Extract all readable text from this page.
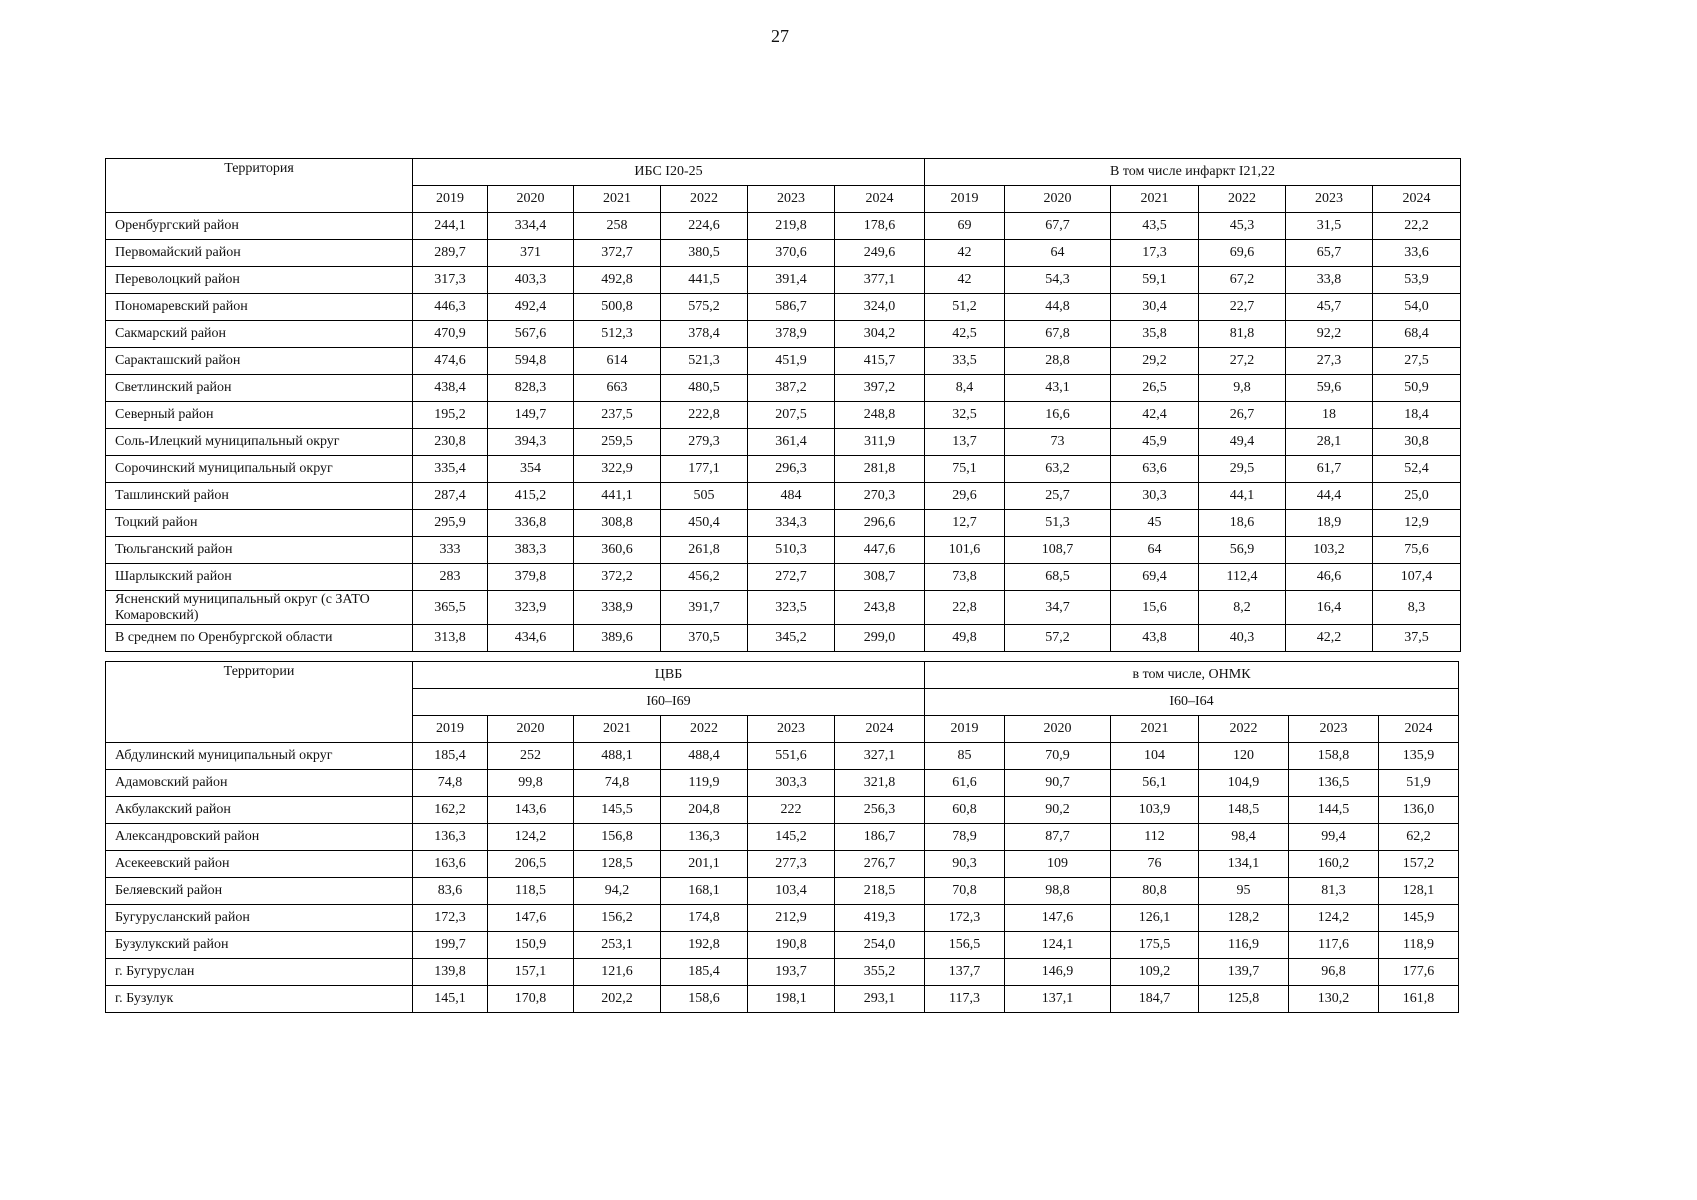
27
Территория	ИБС I20-25						В том числе инфаркт I21,22					
	2019	2020	2021	2022	2023	2024	2019	2020	2021	2022	2023	2024
Оренбургский район	244,1	334,4	258	224,6	219,8	178,6	69	67,7	43,5	45,3	31,5	22,2
Первомайский район	289,7	371	372,7	380,5	370,6	249,6	42	64	17,3	69,6	65,7	33,6
Переволоцкий район	317,3	403,3	492,8	441,5	391,4	377,1	42	54,3	59,1	67,2	33,8	53,9
Пономаревский район	446,3	492,4	500,8	575,2	586,7	324,0	51,2	44,8	30,4	22,7	45,7	54,0
Сакмарский район	470,9	567,6	512,3	378,4	378,9	304,2	42,5	67,8	35,8	81,8	92,2	68,4
Саракташский район	474,6	594,8	614	521,3	451,9	415,7	33,5	28,8	29,2	27,2	27,3	27,5
Светлинский район	438,4	828,3	663	480,5	387,2	397,2	8,4	43,1	26,5	9,8	59,6	50,9
Северный район	195,2	149,7	237,5	222,8	207,5	248,8	32,5	16,6	42,4	26,7	18	18,4
Соль-Илецкий муниципальный округ	230,8	394,3	259,5	279,3	361,4	311,9	13,7	73	45,9	49,4	28,1	30,8
Сорочинский муниципальный округ	335,4	354	322,9	177,1	296,3	281,8	75,1	63,2	63,6	29,5	61,7	52,4
Ташлинский район	287,4	415,2	441,1	505	484	270,3	29,6	25,7	30,3	44,1	44,4	25,0
Тоцкий район	295,9	336,8	308,8	450,4	334,3	296,6	12,7	51,3	45	18,6	18,9	12,9
Тюльганский район	333	383,3	360,6	261,8	510,3	447,6	101,6	108,7	64	56,9	103,2	75,6
Шарлыкский район	283	379,8	372,2	456,2	272,7	308,7	73,8	68,5	69,4	112,4	46,6	107,4
Ясненский муниципальный округ (с ЗАТО Комаровский)	365,5	323,9	338,9	391,7	323,5	243,8	22,8	34,7	15,6	8,2	16,4	8,3
В среднем по Оренбургской области	313,8	434,6	389,6	370,5	345,2	299,0	49,8	57,2	43,8	40,3	42,2	37,5
Территории	ЦВБ						в том числе, ОНМК					
	I60–I69						I60–I64					
	2019	2020	2021	2022	2023	2024	2019	2020	2021	2022	2023	2024
Абдулинский муниципальный округ	185,4	252	488,1	488,4	551,6	327,1	85	70,9	104	120	158,8	135,9
Адамовский район	74,8	99,8	74,8	119,9	303,3	321,8	61,6	90,7	56,1	104,9	136,5	51,9
Акбулакский район	162,2	143,6	145,5	204,8	222	256,3	60,8	90,2	103,9	148,5	144,5	136,0
Александровский район	136,3	124,2	156,8	136,3	145,2	186,7	78,9	87,7	112	98,4	99,4	62,2
Асекеевский район	163,6	206,5	128,5	201,1	277,3	276,7	90,3	109	76	134,1	160,2	157,2
Беляевский район	83,6	118,5	94,2	168,1	103,4	218,5	70,8	98,8	80,8	95	81,3	128,1
Бугурусланский район	172,3	147,6	156,2	174,8	212,9	419,3	172,3	147,6	126,1	128,2	124,2	145,9
Бузулукский район	199,7	150,9	253,1	192,8	190,8	254,0	156,5	124,1	175,5	116,9	117,6	118,9
г. Бугуруслан	139,8	157,1	121,6	185,4	193,7	355,2	137,7	146,9	109,2	139,7	96,8	177,6
г. Бузулук	145,1	170,8	202,2	158,6	198,1	293,1	117,3	137,1	184,7	125,8	130,2	161,8
